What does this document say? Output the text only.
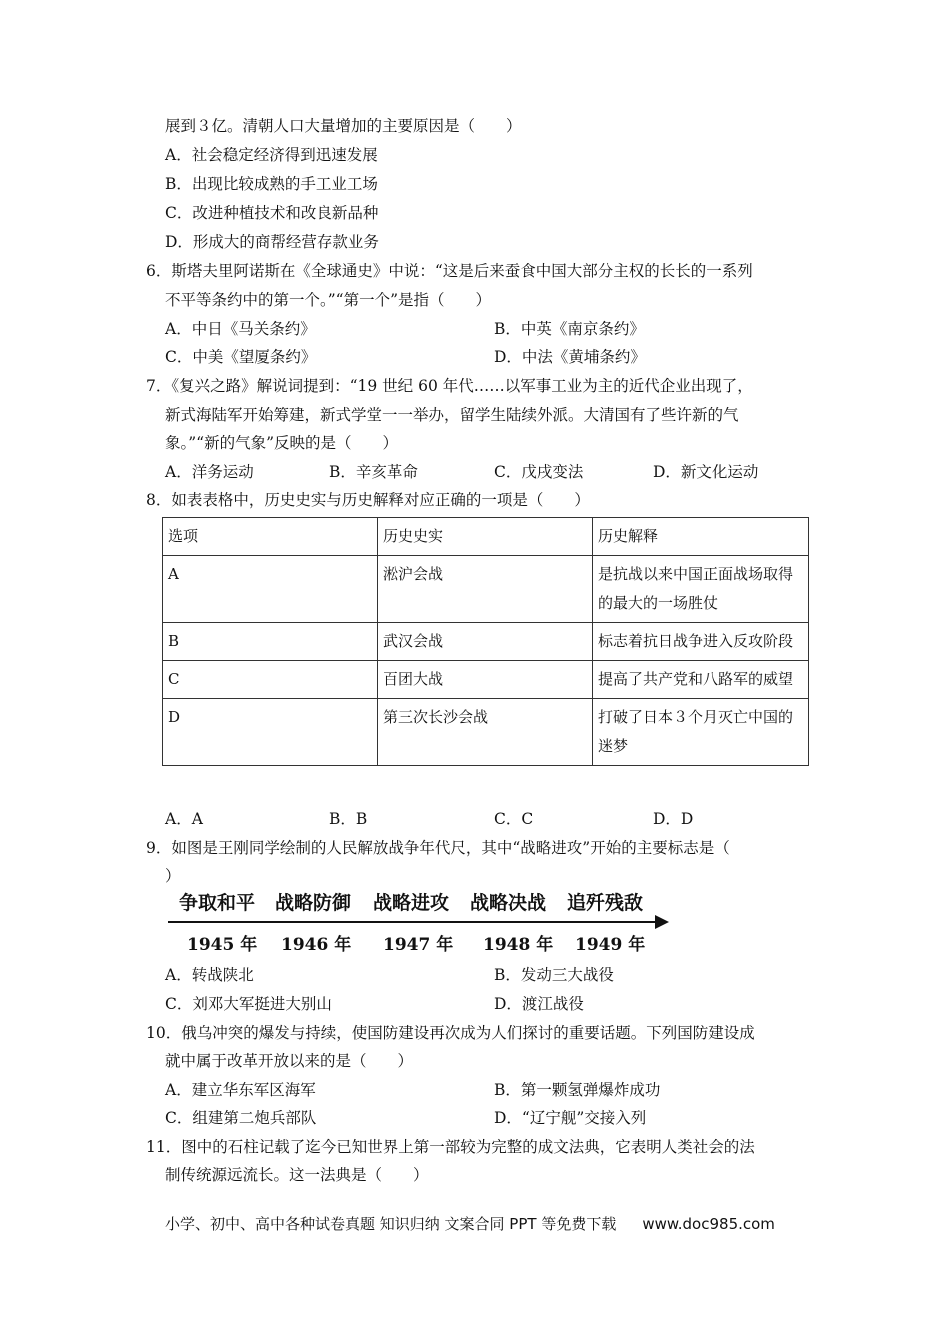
展到３亿。清朝人口大量增加的主要原因是（　　）
A．社会稳定经济得到迅速发展
B．出现比较成熟的手工业工场
C．改进种植技术和改良新品种
D．形成大的商帮经营存款业务
6．斯塔夫里阿诺斯在《全球通史》中说：“这是后来蚕食中国大部分主权的长长的一系列
不平等条约中的第一个。”“第一个”是指（　　）
A．中日《马关条约》	B．中英《南京条约》
C．中美《望厦条约》	D．中法《黄埔条约》
7．《复兴之路》解说词提到：“19 世纪 60 年代……以军事工业为主的近代企业出现了，
新式海陆军开始筹建，新式学堂一一举办，留学生陆续外派。大清国有了些许新的气
象。”“新的气象”反映的是（　　）
A．洋务运动	B．辛亥革命	C．戊戌变法	D．新文化运动
8．如表表格中，历史史实与历史解释对应正确的一项是（　　）
选项	历史史实	历史解释
A	淞沪会战	是抗战以来中国正面战场取得的最大的一场胜仗
B	武汉会战	标志着抗日战争进入反攻阶段
C	百团大战	提高了共产党和八路军的威望
D	第三次长沙会战	打破了日本３个月灭亡中国的迷梦
A．A	B．B	C．C	D．D
9．如图是王刚同学绘制的人民解放战争年代尺，其中“战略进攻”开始的主要标志是（
）
争取和平 战略防御 战略进攻 战略决战 追歼残敌
1945 年 1946 年 1947 年 1948 年 1949 年
A．转战陕北	B．发动三大战役
C．刘邓大军挺进大别山	D．渡江战役
10．俄乌冲突的爆发与持续，使国防建设再次成为人们探讨的重要话题。下列国防建设成
就中属于改革开放以来的是（　　）
A．建立华东军区海军	B．第一颗氢弹爆炸成功
C．组建第二炮兵部队	D．“辽宁舰”交接入列
11．图中的石柱记载了迄今已知世界上第一部较为完整的成文法典，它表明人类社会的法
制传统源远流长。这一法典是（　　）
小学、初中、高中各种试卷真题 知识归纳 文案合同 PPT 等免费下载 www.doc985.com
